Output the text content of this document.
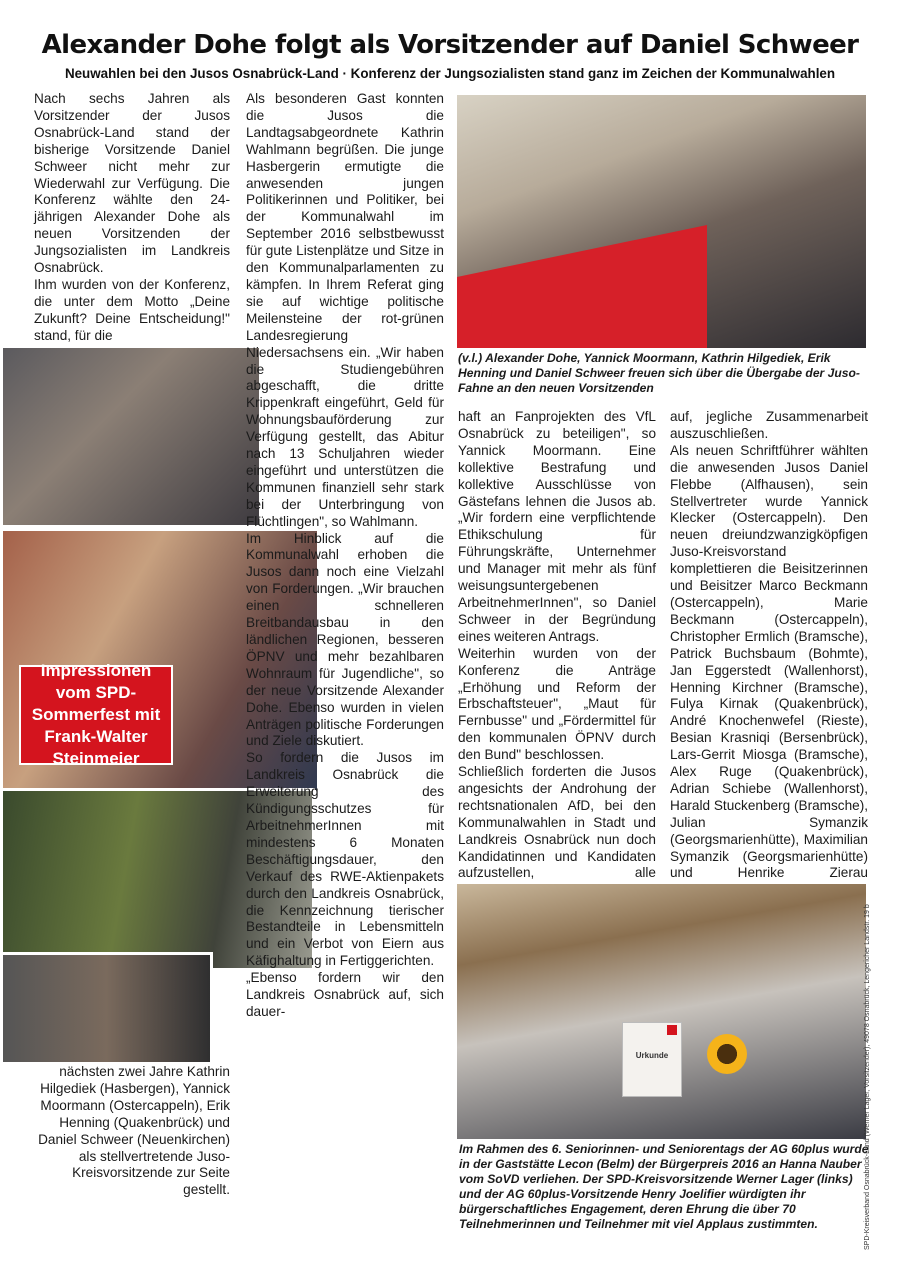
Alexander Dohe folgt als Vorsitzender auf Daniel Schweer
Neuwahlen bei den Jusos Osnabrück-Land · Konferenz der Jungsozialisten stand ganz im Zeichen der Kommunalwahlen

Nach sechs Jahren als Vorsitzender der Jusos Osnabrück-Land stand der bisherige Vorsitzende Daniel Schweer nicht mehr zur Wiederwahl zur Verfügung. Die Konferenz wählte den 24-jährigen Alexander Dohe als neuen Vorsitzenden der Jungsozialisten im Landkreis Osnabrück.

Ihm wurden von der Konferenz, die unter dem Motto „Deine Zukunft? Deine Entscheidung!" stand, für die

Impressionen vom SPD-Sommerfest mit Frank-Walter Steinmeier
nächsten zwei Jahre Kathrin Hilgediek (Hasbergen), Yannick Moormann (Ostercappeln), Erik Henning (Quakenbrück) und Daniel Schweer (Neuenkirchen) als stellvertretende Juso-Kreisvorsitzende zur Seite gestellt.

Als besonderen Gast konnten die Jusos die Landtagsabgeordnete Kathrin Wahlmann begrüßen. Die junge Hasbergerin ermutigte die anwesenden jungen Politikerinnen und Politiker, bei der Kommunalwahl im September 2016 selbstbewusst für gute Listenplätze und Sitze in den Kommunalparlamenten zu kämpfen. In Ihrem Referat ging sie auf wichtige politische Meilensteine der rot-grünen Landesregierung Niedersachsens ein. „Wir haben die Studiengebühren abgeschafft, die dritte Krippenkraft eingeführt, Geld für Wohnungsbauförderung zur Verfügung gestellt, das Abitur nach 13 Schuljahren wieder eingeführt und unterstützen die Kommunen finanziell sehr stark bei der Unterbringung von Flüchtlingen", so Wahlmann.

Im Hinblick auf die Kommunalwahl erhoben die Jusos dann noch eine Vielzahl von Forderungen. „Wir brauchen einen schnelleren Breitbandausbau in den ländlichen Regionen, besseren ÖPNV und mehr bezahlbaren Wohnraum für Jugendliche", so der neue Vorsitzende Alexander Dohe. Ebenso wurden in vielen Anträgen politische Forderungen und Ziele diskutiert.

So fordern die Jusos im Landkreis Osnabrück die Erweiterung des Kündigungsschutzes für ArbeitnehmerInnen mit mindestens 6 Monaten Beschäftigungsdauer, den Verkauf des RWE-Aktienpakets durch den Landkreis Osnabrück, die Kennzeichnung tierischer Bestandteile in Lebensmitteln und ein Verbot von Eiern aus Käfighaltung in Fertiggerichten.

„Ebenso fordern wir den Landkreis Osnabrück auf, sich dauer-

(v.l.) Alexander Dohe, Yannick Moormann, Kathrin Hilgediek, Erik Henning und Daniel Schweer freuen sich über die Übergabe der Juso-Fahne an den neuen Vorsitzenden

haft an Fanprojekten des VfL Osnabrück zu beteiligen", so Yannick Moormann. Eine kollektive Bestrafung und kollektive Ausschlüsse von Gästefans lehnen die Jusos ab. „Wir fordern eine verpflichtende Ethikschulung für Führungskräfte, Unternehmer und Manager mit mehr als fünf weisungsuntergebenen ArbeitnehmerInnen", so Daniel Schweer in der Begründung eines weiteren Antrags.

Weiterhin wurden von der Konferenz die Anträge „Erhöhung und Reform der Erbschaftsteuer", „Maut für Fernbusse" und „Fördermittel für den kommunalen ÖPNV durch den Bund" beschlossen.

Schließlich forderten die Jusos angesichts der Androhung der rechtsnationalen AfD, bei den Kommunalwahlen in Stadt und Landkreis Osnabrück nun doch Kandidatinnen und Kandidaten aufzustellen, alle

auf, jegliche Zusammenarbeit auszuschließen.

Als neuen Schriftführer wählten die anwesenden Jusos Daniel Flebbe (Alfhausen), sein Stellvertreter wurde Yannick Klecker (Ostercappeln). Den neuen dreiundzwanzigköpfigen Juso-Kreisvorstand komplettieren die Beisitzerinnen und Beisitzer Marco Beckmann (Ostercappeln), Marie Beckmann (Ostercappeln), Christopher Ermlich (Bramsche), Patrick Buchsbaum (Bohmte), Jan Eggerstedt (Wallenhorst), Henning Kirchner (Bramsche), Fulya Kirnak (Quakenbrück), André Knochenwefel (Rieste), Besian Krasniqi (Bersenbrück), Lars-Gerrit Miosga (Bramsche), Alex Ruge (Quakenbrück), Adrian Schiebe (Wallenhorst), Harald Stuckenberg (Bramsche), Julian Symanzik (Georgsmarienhütte), Maximilian Symanzik (Georgsmarienhütte) und Henrike Zierau

Urkunde
Im Rahmen des 6. Seniorinnen- und Seniorentags der AG 60plus wurde in der Gaststätte Lecon (Belm) der Bürgerpreis 2016 an Hanna Nauber vom SoVD verliehen. Der SPD-Kreisvorsitzende Werner Lager (links) und der AG 60plus-Vorsitzende Henry Joelifier würdigten ihr bürgerschaftliches Engagement, deren Ehrung die über 70 Teilnehmerinnen und Teilnehmer mit viel Applaus zustimmten.	SPD-Kreisverband Osnabrück-Land (Werner Lager, Vorsitzender), 49078 Osnabrück, Lengericher Landstr. 19 b
